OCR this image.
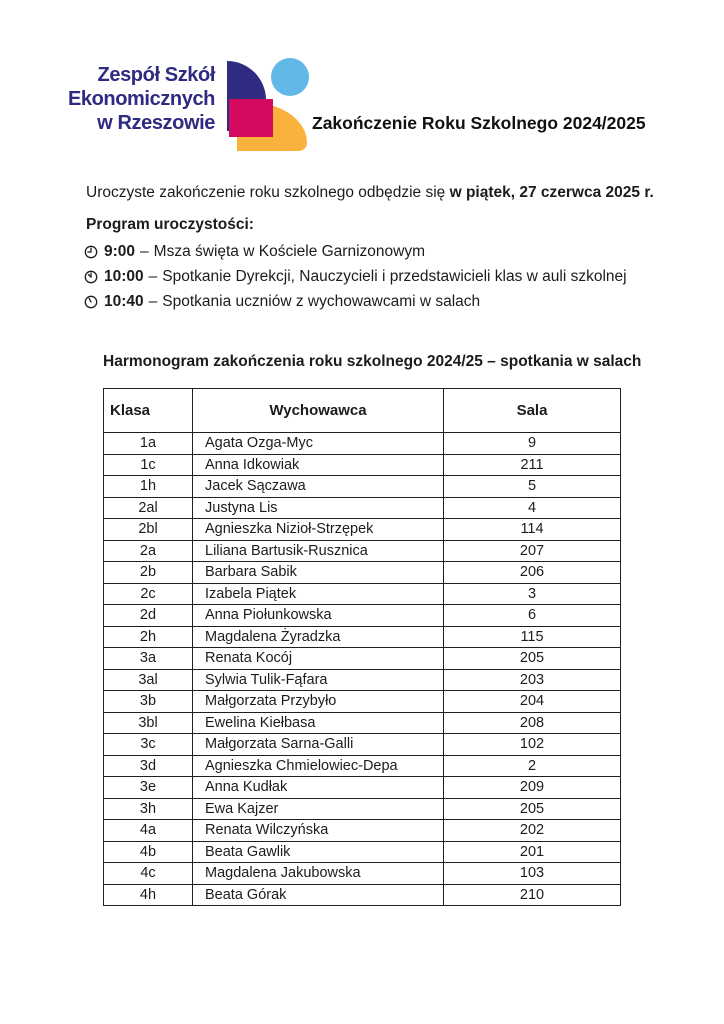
Zespół Szkół
Ekonomicznych
w Rzeszowie	Zakończenie Roku Szkolnego 2024/2025

Uroczyste zakończenie roku szkolnego odbędzie się w piątek, 27 czerwca 2025 r.

Program uroczystości:
9:00 – Msza święta w Kościele Garnizonowym
10:00 – Spotkanie Dyrekcji, Nauczycieli i przedstawicieli klas w auli szkolnej
10:40 – Spotkania uczniów z wychowawcami w salach
Harmonogram zakończenia roku szkolnego 2024/25 – spotkania w salach
Klasa	Wychowawca	Sala
1a	Agata Ozga-Myc	9
1c	Anna Idkowiak	211
1h	Jacek Sączawa	5
2al	Justyna Lis	4
2bl	Agnieszka Nizioł-Strzępek	114
2a	Liliana Bartusik-Rusznica	207
2b	Barbara Sabik	206
2c	Izabela Piątek	3
2d	Anna Piołunkowska	6
2h	Magdalena Żyradzka	115
3a	Renata Kocój	205
3al	Sylwia Tulik-Fąfara	203
3b	Małgorzata Przybyło	204
3bl	Ewelina Kiełbasa	208
3c	Małgorzata Sarna-Galli	102
3d	Agnieszka Chmielowiec-Depa	2
3e	Anna Kudłak	209
3h	Ewa Kajzer	205
4a	Renata Wilczyńska	202
4b	Beata Gawlik	201
4c	Magdalena Jakubowska	103
4h	Beata Górak	210
